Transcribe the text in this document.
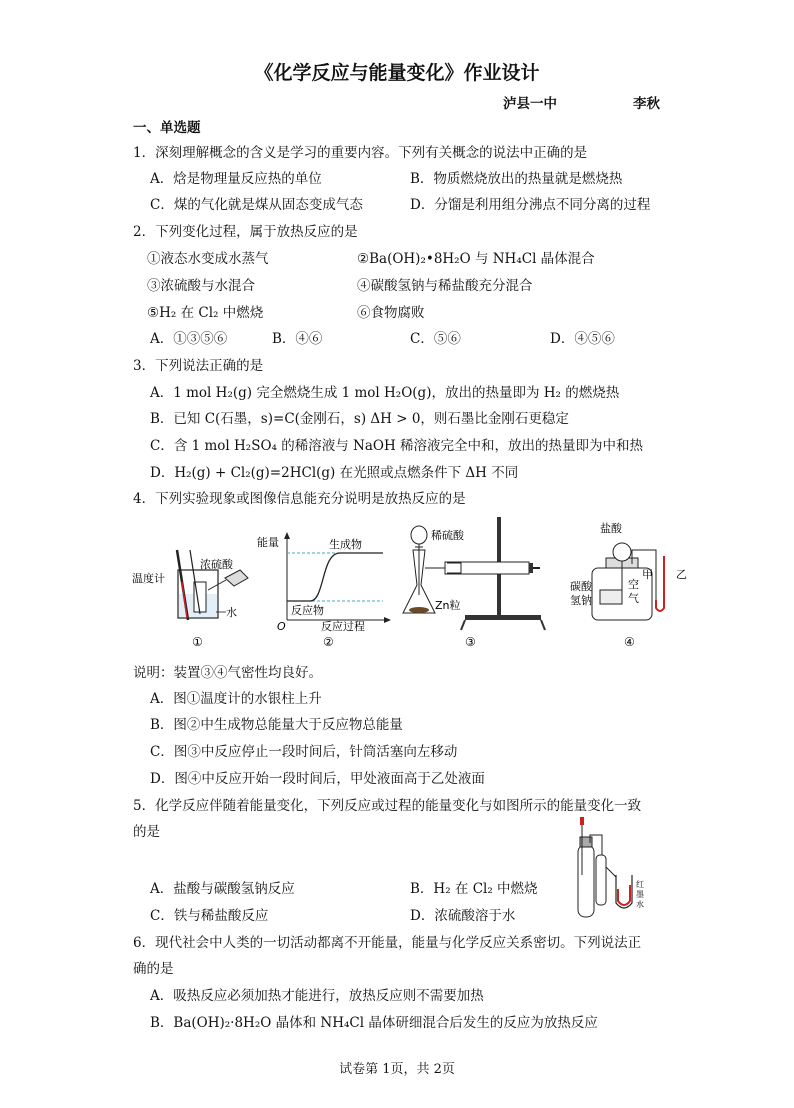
《化学反应与能量变化》作业设计
泸县一中	李秋
一、单选题
1．深刻理解概念的含义是学习的重要内容。下列有关概念的说法中正确的是
A．焓是物理量反应热的单位	B．物质燃烧放出的热量就是燃烧热
C．煤的气化就是煤从固态变成气态	D．分馏是利用组分沸点不同分离的过程
2．下列变化过程，属于放热反应的是
①液态水变成水蒸气	②Ba(OH)₂•8H₂O 与 NH₄Cl 晶体混合
③浓硫酸与水混合	④碳酸氢钠与稀盐酸充分混合
⑤H₂ 在 Cl₂ 中燃烧	⑥食物腐败
A．①③⑤⑥	B．④⑥	C．⑤⑥	D．④⑤⑥
3．下列说法正确的是
A．1 mol H₂(g) 完全燃烧生成 1 mol H₂O(g)，放出的热量即为 H₂ 的燃烧热
B．已知 C(石墨，s)=C(金刚石，s) ΔH > 0，则石墨比金刚石更稳定
C．含 1 mol H₂SO₄ 的稀溶液与 NaOH 稀溶液完全中和，放出的热量即为中和热
D．H₂(g) + Cl₂(g)=2HCl(g) 在光照或点燃条件下 ΔH 不同
4．下列实验现象或图像信息能充分说明是放热反应的是
温度计
浓硫酸
水
①
能量	生成物
反应物
O	反应过程
②
稀硫酸
Zn粒
③
盐酸
碳酸
氢钠
空
气
甲 乙
④
说明：装置③④气密性均良好。
A．图①温度计的水银柱上升
B．图②中生成物总能量大于反应物总能量
C．图③中反应停止一段时间后，针筒活塞向左移动
D．图④中反应开始一段时间后，甲处液面高于乙处液面
5．化学反应伴随着能量变化，下列反应或过程的能量变化与如图所示的能量变化一致
的是
A．盐酸与碳酸氢钠反应	B．H₂ 在 Cl₂ 中燃烧
C．铁与稀盐酸反应	D．浓硫酸溶于水
红
墨
水
6．现代社会中人类的一切活动都离不开能量，能量与化学反应关系密切。下列说法正
确的是
A．吸热反应必须加热才能进行，放热反应则不需要加热
B．Ba(OH)₂·8H₂O 晶体和 NH₄Cl 晶体研细混合后发生的反应为放热反应
试卷第 1页，共 2页
